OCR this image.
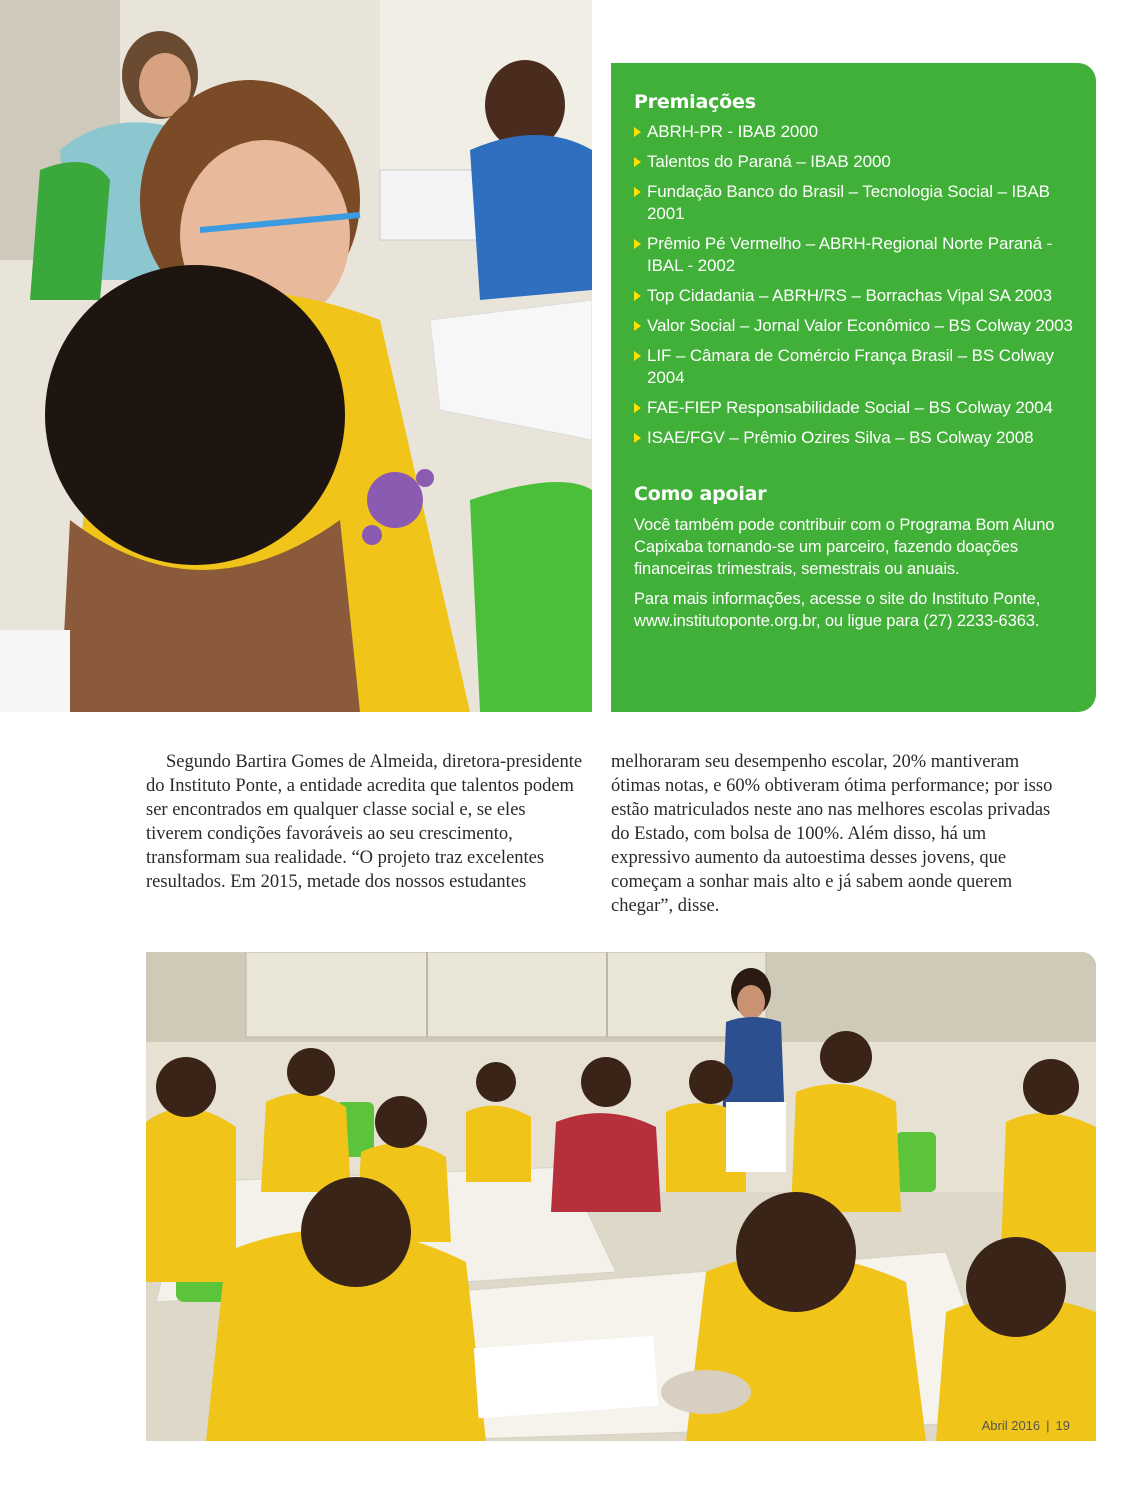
Premiações
ABRH-PR - IBAB 2000
Talentos do Paraná – IBAB 2000
Fundação Banco do Brasil – Tecnologia Social – IBAB 2001
Prêmio Pé Vermelho – ABRH-Regional Norte Paraná - IBAL - 2002
Top Cidadania – ABRH/RS – Borrachas Vipal SA 2003
Valor Social – Jornal Valor Econômico – BS Colway 2003
LIF – Câmara de Comércio França Brasil – BS Colway 2004
FAE-FIEP Responsabilidade Social – BS Colway 2004
ISAE/FGV – Prêmio Ozires Silva – BS Colway 2008
Como apoiar

Você também pode contribuir com o Programa Bom Aluno Capixaba tornando-se um parceiro, fazendo doações financeiras trimestrais, semestrais ou anuais.

Para mais informações, acesse o site do Instituto Ponte, www.institutoponte.org.br, ou ligue para (27) 2233-6363.

Segundo Bartira Gomes de Almeida, diretora-presidente do Instituto Ponte, a entidade acredita que talentos podem ser encontrados em qualquer classe social e, se eles tiverem condições favoráveis ao seu crescimento, transformam sua realidade. “O projeto traz excelentes resultados. Em 2015, metade dos nossos estudantes

melhoraram seu desempenho escolar, 20% mantiveram ótimas notas, e 60% obtiveram ótima performance; por isso estão matriculados neste ano nas melhores escolas privadas do Estado, com bolsa de 100%. Além disso, há um expressivo aumento da autoestima desses jovens, que começam a sonhar mais alto e já sabem aonde querem chegar”, disse.

Abril 2016 | 19
